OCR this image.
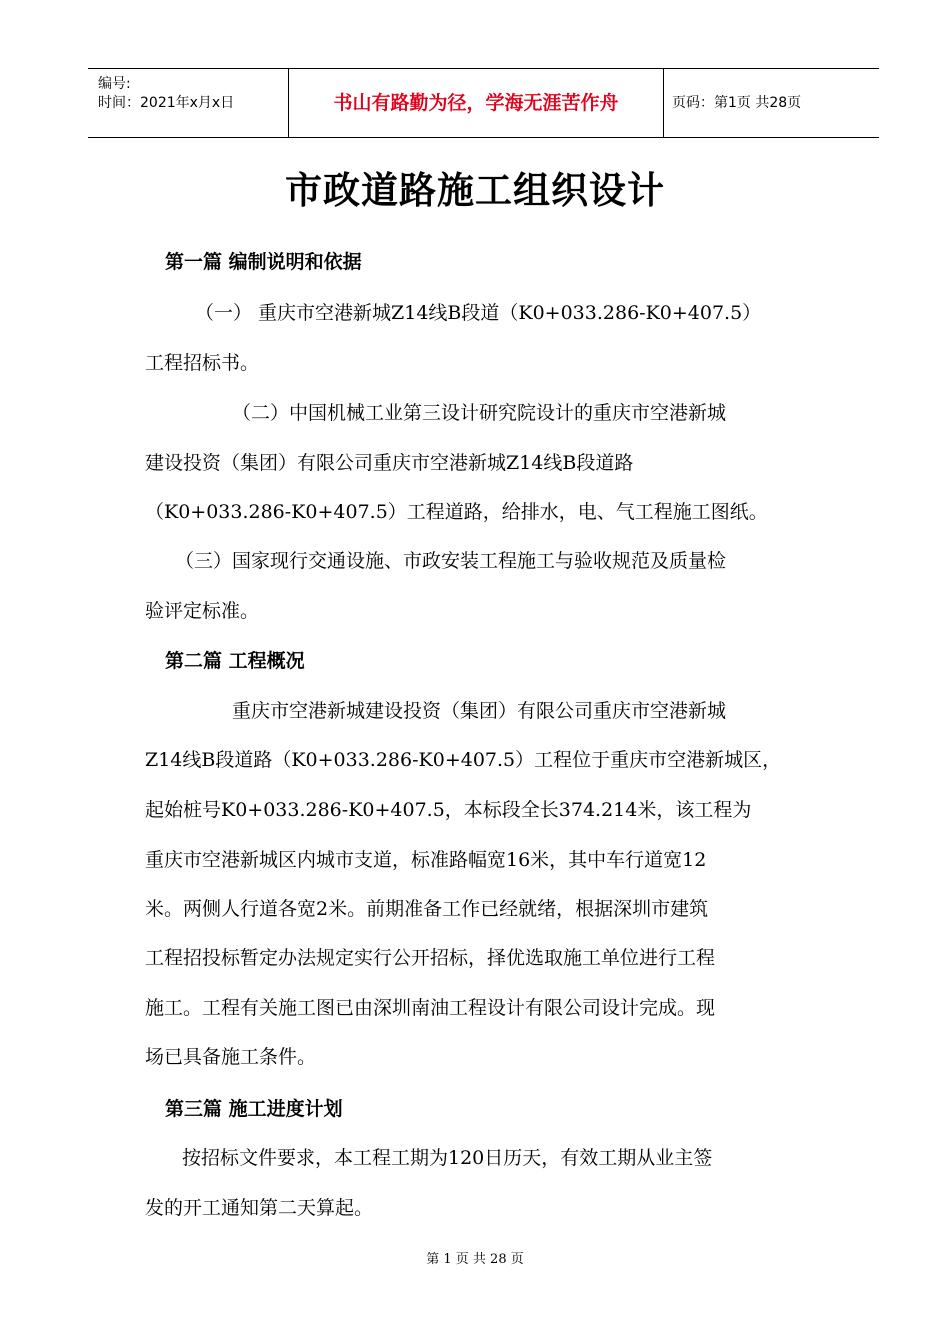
编号:
时间：2021年x月x日	书山有路勤为径，学海无涯苦作舟	页码：第1页 共28页
市政道路施工组织设计
第一篇 编制说明和依据
（一） 重庆市空港新城Z14线B段道（K0+033.286-K0+407.5）
工程招标书。
（二）中国机械工业第三设计研究院设计的重庆市空港新城
建设投资（集团）有限公司重庆市空港新城Z14线B段道路
（K0+033.286-K0+407.5）工程道路，给排水，电、气工程施工图纸。
（三）国家现行交通设施、市政安装工程施工与验收规范及质量检
验评定标准。
第二篇 工程概况
重庆市空港新城建设投资（集团）有限公司重庆市空港新城
Z14线B段道路（K0+033.286-K0+407.5）工程位于重庆市空港新城区，
起始桩号K0+033.286-K0+407.5，本标段全长374.214米，该工程为
重庆市空港新城区内城市支道，标准路幅宽16米，其中车行道宽12
米。两侧人行道各宽2米。前期准备工作已经就绪，根据深圳市建筑
工程招投标暂定办法规定实行公开招标，择优选取施工单位进行工程
施工。工程有关施工图已由深圳南油工程设计有限公司设计完成。现
场已具备施工条件。
第三篇 施工进度计划
按招标文件要求，本工程工期为120日历天，有效工期从业主签
发的开工通知第二天算起。
第 1 页 共 28 页
